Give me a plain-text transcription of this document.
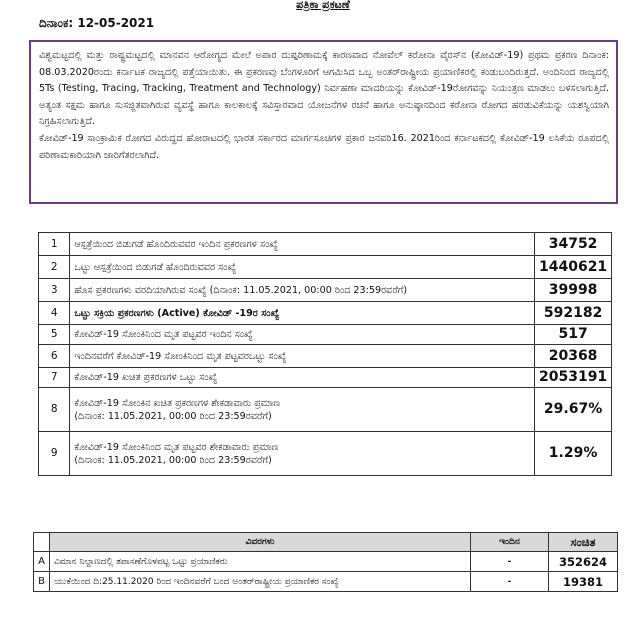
ಪತ್ರಿಕಾ ಪ್ರಕಟಣೆ
ದಿನಾಂಕ: 12-05-2021

ವಿಶ್ವಮಟ್ಟದಲ್ಲಿ ಮತ್ತು ರಾಷ್ಟ್ರಮಟ್ಟದಲ್ಲಿ ಮಾನವನ ಆರೋಗ್ಯದ ಮೇಲೆ ಅಪಾರ ದುಷ್ಪರಿಣಾಮಕ್ಕೆ ಕಾರಣವಾದ ನೋವೆಲ್ ಕರೋನಾ ವೈರಸ್‌ನ (ಕೋವಿಡ್-19) ಪ್ರಥಮ ಪ್ರಕರಣ ದಿನಾಂಕ: 08.03.2020ರಂದು ಕರ್ನಾಟಕ ರಾಜ್ಯದಲ್ಲಿ ಪತ್ತೆಯಾಯಿತು. ಈ ಪ್ರಕರಣವು ಬೆಂಗಳೂರಿಗೆ ಆಗಮಿಸಿದ ಒಬ್ಬ ಅಂತರ್‌ರಾಷ್ಟ್ರೀಯ ಪ್ರಯಾಣಿಕರಲ್ಲಿ ಕಂಡುಬಂದಿರುತ್ತದೆ. ಅಂದಿನಿಂದ ರಾಜ್ಯದಲ್ಲಿ 5Ts (Testing, Tracing, Tracking, Treatment and Technology) ನಿರ್ವಹಣಾ ಮಾದರಿಯನ್ನು ಕೋವಿಡ್-19ರೋಗವನ್ನು ನಿಯಂತ್ರಣ ಮಾಡಲು ಬಳಸಲಾಗುತ್ತಿದೆ. ಅತ್ಯಂತ ಸಕ್ಷಮ ಹಾಗೂ ಸುಸಜ್ಜಿತವಾಗಿರುವ ವ್ಯವಸ್ಥೆ ಹಾಗೂ ಕಾಲಕಾಲಕ್ಕೆ ಸವಿಸ್ತಾರವಾದ ಯೋಜನೆಗಳ ರಚನೆ ಹಾಗೂ ಅನುಷ್ಠಾನದಿಂದ ಕರೋನಾ ರೋಗದ ಹರಡುವಿಕೆಯನ್ನು ಯಶಸ್ವಿಯಾಗಿ ನಿಗ್ರಹಿಸಲಾಗುತ್ತಿದೆ.

ಕೋವಿಡ್-19 ಸಾಂಕ್ರಾಮಿಕ ರೋಗದ ವಿರುದ್ಧದ ಹೋರಾಟದಲ್ಲಿ ಭಾರತ ಸರ್ಕಾರದ ಮಾರ್ಗಸೂಚಿಗಳ ಪ್ರಕಾರ ಜನವರಿ16. 2021ರಿಂದ ಕರ್ನಾಟಕದಲ್ಲಿ ಕೋವಿಡ್-19 ಲಸಿಕೆಯ ರೂಪದಲ್ಲಿ ಪರಿಣಾಮಕಾರಿಯಾಗಿ ಜಾರಿಗೆತರಲಾಗಿದೆ.

1	ಆಸ್ಪತ್ರೆಯಿಂದ ಬಿಡುಗಡೆ ಹೊಂದಿರುವವರ ಇಂದಿನ ಪ್ರಕರಣಗಳ ಸಂಖ್ಯೆ	34752
2	ಒಟ್ಟು ಆಸ್ಪತ್ರೆಯಿಂದ ಬಿಡುಗಡೆ ಹೊಂದಿರುವವರ ಸಂಖ್ಯೆ	1440621
3	ಹೊಸ ಪ್ರಕರಣಗಳು ವರದಿಯಾಗಿರುವ ಸಂಖ್ಯೆ (ದಿನಾಂಕ: 11.05.2021, 00:00 ರಿಂದ 23:59ರವರೆಗೆ)	39998
4	ಒಟ್ಟು ಸಕ್ರಿಯ ಪ್ರಕರಣಗಳು (Active) ಕೋವಿಡ್ -19ರ ಸಂಖ್ಯೆ	592182
5	ಕೋವಿಡ್-19 ಸೋಂಕಿನಿಂದ ಮೃತ ಪಟ್ಟವರ ಇಂದಿನ ಸಂಖ್ಯೆ	517
6	ಇಂದಿನವರೆಗೆ ಕೋವಿಡ್-19 ಸೋಂಕಿನಿಂದ ಮೃತ ಪಟ್ಟವರಒಟ್ಟು ಸಂಖ್ಯೆ	20368
7	ಕೋವಿಡ್-19 ಖಚಿತ ಪ್ರಕರಣಗಳ ಒಟ್ಟು ಸಂಖ್ಯೆ	2053191
8	ಕೋವಿಡ್-19 ಸೋಂಕಿನ ಖಚಿತ ಪ್ರಕರಣಗಳ ಶೇಕಡಾವಾರು ಪ್ರಮಾಣ
(ದಿನಾಂಕ: 11.05.2021, 00:00 ರಿಂದ 23:59ರವರೆಗೆ)	29.67%
9	ಕೋವಿಡ್-19 ಸೋಂಕಿನಿಂದ ಮೃತ ಪಟ್ಟವರ ಶೇಕಡಾವಾರು ಪ್ರಮಾಣ
(ದಿನಾಂಕ: 11.05.2021, 00:00 ರಿಂದ 23:59ರವರೆಗೆ)	1.29%
	ವಿವರಗಳು	ಇಂದಿನ	ಸಂಚಿತ
A	ವಿಮಾನ ನಿಲ್ದಾಣದಲ್ಲಿ ತಪಾಸಣೆಗೊಳಪಟ್ಟ ಒಟ್ಟು ಪ್ರಯಾಣಿಕರು	-	352624
B	ಯುಕೆಯಿಂದ ದಿ:25.11.2020 ರಿಂದ ಇಂದಿನವರೆಗೆ ಬಂದ ಅಂತರ್‌ರಾಷ್ಟ್ರೀಯ ಪ್ರಯಾಣಿಕರ ಸಂಖ್ಯೆ	-	19381
